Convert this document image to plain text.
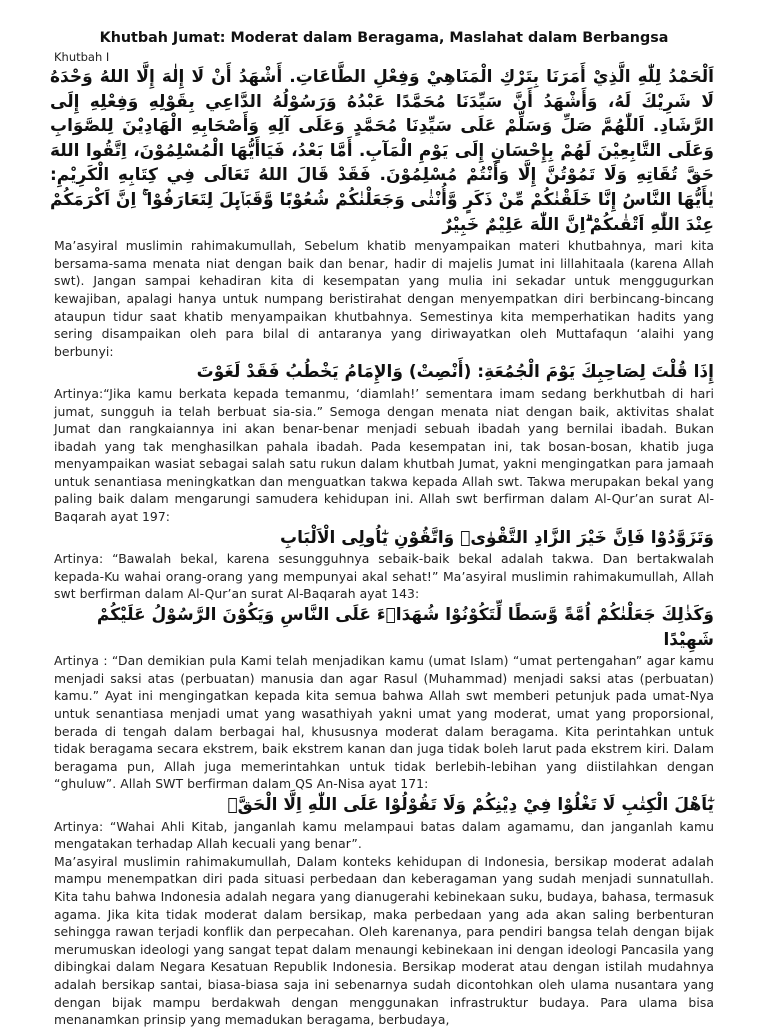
Khutbah Jumat: Moderat dalam Beragama, Maslahat dalam Berbangsa
Khutbah I

اَلْحَمْدُ لِلّٰهِ الَّذِيْ أَمَرَنَا بِتَرْكِ الْمَنَاهِيْ وَفِعْلِ الطَّاعَاتِ. أَشْهَدُ أَنْ لَا إِلٰهَ إِلَّا اللهُ وَحْدَهُ لَا شَرِيْكَ لَهُ، وَأَشْهَدُ أَنَّ سَيِّدَنَا مُحَمَّدًا عَبْدُهُ وَرَسُوْلُهُ الدَّاعِي بِقَوْلِهِ وَفِعْلِهِ إِلَى الرَّشَادِ. اَللّٰهُمَّ صَلِّ وَسَلِّمْ عَلَى سَيِّدِنَا مُحَمَّدٍ وَعَلَى آلِهِ وَأَصْحَابِهِ الْهَادِيْنَ لِلصَّوَابِ وَعَلَى التَّابِعِيْنَ لَهُمْ بِإِحْسَانٍ إِلَى يَوْمِ الْمَآبِ. أَمَّا بَعْدُ، فَيَاأَيُّهَا الْمُسْلِمُوْنَ، اِتَّقُوا اللهَ حَقَّ تُقَاتِهِ وَلَا تَمُوْتُنَّ إِلَّا وَأَنْتُمْ مُسْلِمُوْنَ. فَقَدْ قَالَ اللهُ تَعَالَى فِي كِتَابِهِ الْكَرِيْمِ: يٰأَيُّهَا النَّاسُ إِنَّا خَلَقْنٰكُمْ مِّنْ ذَكَرٍ وَّأُنْثٰى وَجَعَلْنٰكُمْ شُعُوْبًا وَّقَبَاۤىِٕلَ لِتَعَارَفُوْا ۚ اِنَّ اَكْرَمَكُمْ عِنْدَ اللّٰهِ اَتْقٰىكُمْ ۗاِنَّ اللّٰهَ عَلِيْمٌ خَبِيْرٌ

Ma’asyiral muslimin rahimakumullah, Sebelum khatib menyampaikan materi khutbahnya, mari kita bersama-sama menata niat dengan baik dan benar, hadir di majelis Jumat ini lillahitaala (karena Allah swt). Jangan sampai kehadiran kita di kesempatan yang mulia ini sekadar untuk menggugurkan kewajiban, apalagi hanya untuk numpang beristirahat dengan menyempatkan diri berbincang-bincang ataupun tidur saat khatib menyampaikan khutbahnya. Semestinya kita memperhatikan hadits yang sering disampaikan oleh para bilal di antaranya yang diriwayatkan oleh Muttafaqun ‘alaihi yang berbunyi:

إِذَا قُلْتَ لِصَاحِبِكَ يَوْمَ الْجُمُعَةِ: (أَنْصِتْ) وَالإِمَامُ يَخْطُبُ فَقَدْ لَغَوْتَ

Artinya:“Jika kamu berkata kepada temanmu, ‘diamlah!’ sementara imam sedang berkhutbah di hari jumat, sungguh ia telah berbuat sia-sia.” Semoga dengan menata niat dengan baik, aktivitas shalat Jumat dan rangkaiannya ini akan benar-benar menjadi sebuah ibadah yang bernilai ibadah. Bukan ibadah yang tak menghasilkan pahala ibadah. Pada kesempatan ini, tak bosan-bosan, khatib juga menyampaikan wasiat sebagai salah satu rukun dalam khutbah Jumat, yakni mengingatkan para jamaah untuk senantiasa meningkatkan dan menguatkan takwa kepada Allah swt. Takwa merupakan bekal yang paling baik dalam mengarungi samudera kehidupan ini. Allah swt berfirman dalam Al-Qur’an surat Al-Baqarah ayat 197:

وَتَزَوَّدُوْا فَاِنَّ خَيْرَ الزَّادِ التَّقْوٰىۖ وَاتَّقُوْنِ يٰٓاُولِى الْاَلْبَابِ

Artinya: “Bawalah bekal, karena sesungguhnya sebaik-baik bekal adalah takwa. Dan bertakwalah kepada-Ku wahai orang-orang yang mempunyai akal sehat!” Ma’asyiral muslimin rahimakumullah, Allah swt berfirman dalam Al-Qur’an surat Al-Baqarah ayat 143:

وَكَذٰلِكَ جَعَلْنٰكُمْ اُمَّةً وَّسَطًا لِّتَكُوْنُوْا شُهَدَاۤءَ عَلَى النَّاسِ وَيَكُوْنَ الرَّسُوْلُ عَلَيْكُمْ شَهِيْدًا

Artinya : “Dan demikian pula Kami telah menjadikan kamu (umat Islam) “umat pertengahan” agar kamu menjadi saksi atas (perbuatan) manusia dan agar Rasul (Muhammad) menjadi saksi atas (perbuatan) kamu.” Ayat ini mengingatkan kepada kita semua bahwa Allah swt memberi petunjuk pada umat-Nya untuk senantiasa menjadi umat yang wasathiyah yakni umat yang moderat, umat yang proporsional, berada di tengah dalam berbagai hal, khususnya moderat dalam beragama. Kita perintahkan untuk tidak beragama secara ekstrem, baik ekstrem kanan dan juga tidak boleh larut pada ekstrem kiri. Dalam beragama pun, Allah juga memerintahkan untuk tidak berlebih-lebihan yang diistilahkan dengan “ghuluw”. Allah SWT berfirman dalam QS An-Nisa ayat 171:

يٰٓاَهْلَ الْكِتٰبِ لَا تَغْلُوْا فِيْ دِيْنِكُمْ وَلَا تَقُوْلُوْا عَلَى اللّٰهِ اِلَّا الْحَقَّۗ

Artinya: “Wahai Ahli Kitab, janganlah kamu melampaui batas dalam agamamu, dan janganlah kamu mengatakan terhadap Allah kecuali yang benar”.

Ma’asyiral muslimin rahimakumullah, Dalam konteks kehidupan di Indonesia, bersikap moderat adalah mampu menempatkan diri pada situasi perbedaan dan keberagaman yang sudah menjadi sunnatullah. Kita tahu bahwa Indonesia adalah negara yang dianugerahi kebinekaan suku, budaya, bahasa, termasuk agama. Jika kita tidak moderat dalam bersikap, maka perbedaan yang ada akan saling berbenturan sehingga rawan terjadi konflik dan perpecahan. Oleh karenanya, para pendiri bangsa telah dengan bijak merumuskan ideologi yang sangat tepat dalam menaungi kebinekaan ini dengan ideologi Pancasila yang dibingkai dalam Negara Kesatuan Republik Indonesia. Bersikap moderat atau dengan istilah mudahnya adalah bersikap santai, biasa-biasa saja ini sebenarnya sudah dicontohkan oleh ulama nusantara yang dengan bijak mampu berdakwah dengan menggunakan infrastruktur budaya. Para ulama bisa menanamkan prinsip yang memadukan beragama, berbudaya,
